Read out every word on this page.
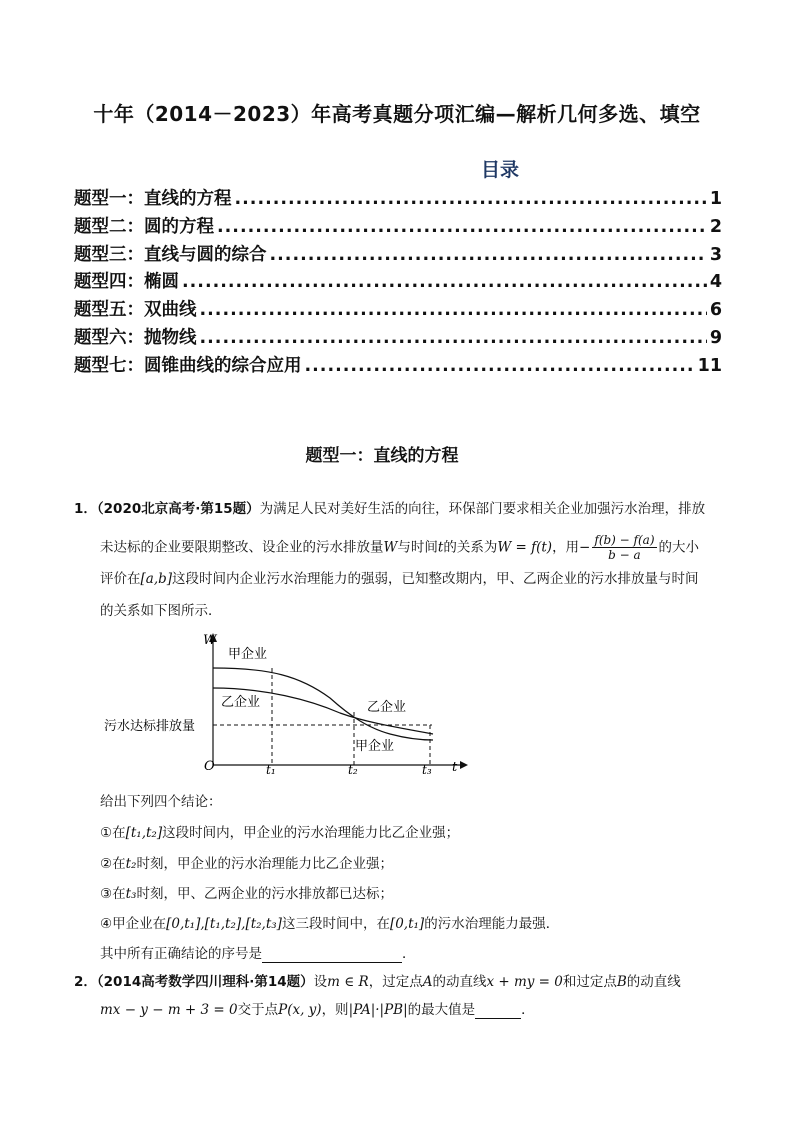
十年（2014－2023）年高考真题分项汇编—解析几何多选、填空
目录
题型一：直线的方程 .....	1
题型二：圆的方程 .....	2
题型三：直线与圆的综合 .....	3
题型四：椭圆 .....	4
题型五：双曲线 .....	6
题型六：抛物线 .....	9
题型七：圆锥曲线的综合应用 .....	11
题型一：直线的方程
1．（2020北京高考·第15题）为满足人民对美好生活的向往，环保部门要求相关企业加强污水治理，排放
未达标的企业要限期整改、设企业的污水排放量W与时间t的关系为W = f(t)，用− $\frac{f(b) - f(a)}{b - a}$ 的大小
评价在[a,b]这段时间内企业污水治理能力的强弱，已知整改期内，甲、乙两企业的污水排放量与时间
的关系如下图所示．
W
t
O
甲企业
乙企业	乙企业
甲企业
污水达标排放量
t₁	t₂	t₃
给出下列四个结论：
①在[t₁,t₂]这段时间内，甲企业的污水治理能力比乙企业强；
②在t₂时刻，甲企业的污水治理能力比乙企业强；
③在t₃时刻，甲、乙两企业的污水排放都已达标；
④甲企业在[0,t₁],[t₁,t₂],[t₂,t₃]这三段时间中，在[0,t₁]的污水治理能力最强．
其中所有正确结论的序号是	．
2．（2014高考数学四川理科·第14题）设m ∈ R，过定点A的动直线x + my = 0和过定点B的动直线
mx − y − m + 3 = 0交于点P(x, y)，则|PA|·|PB|的最大值是	．
